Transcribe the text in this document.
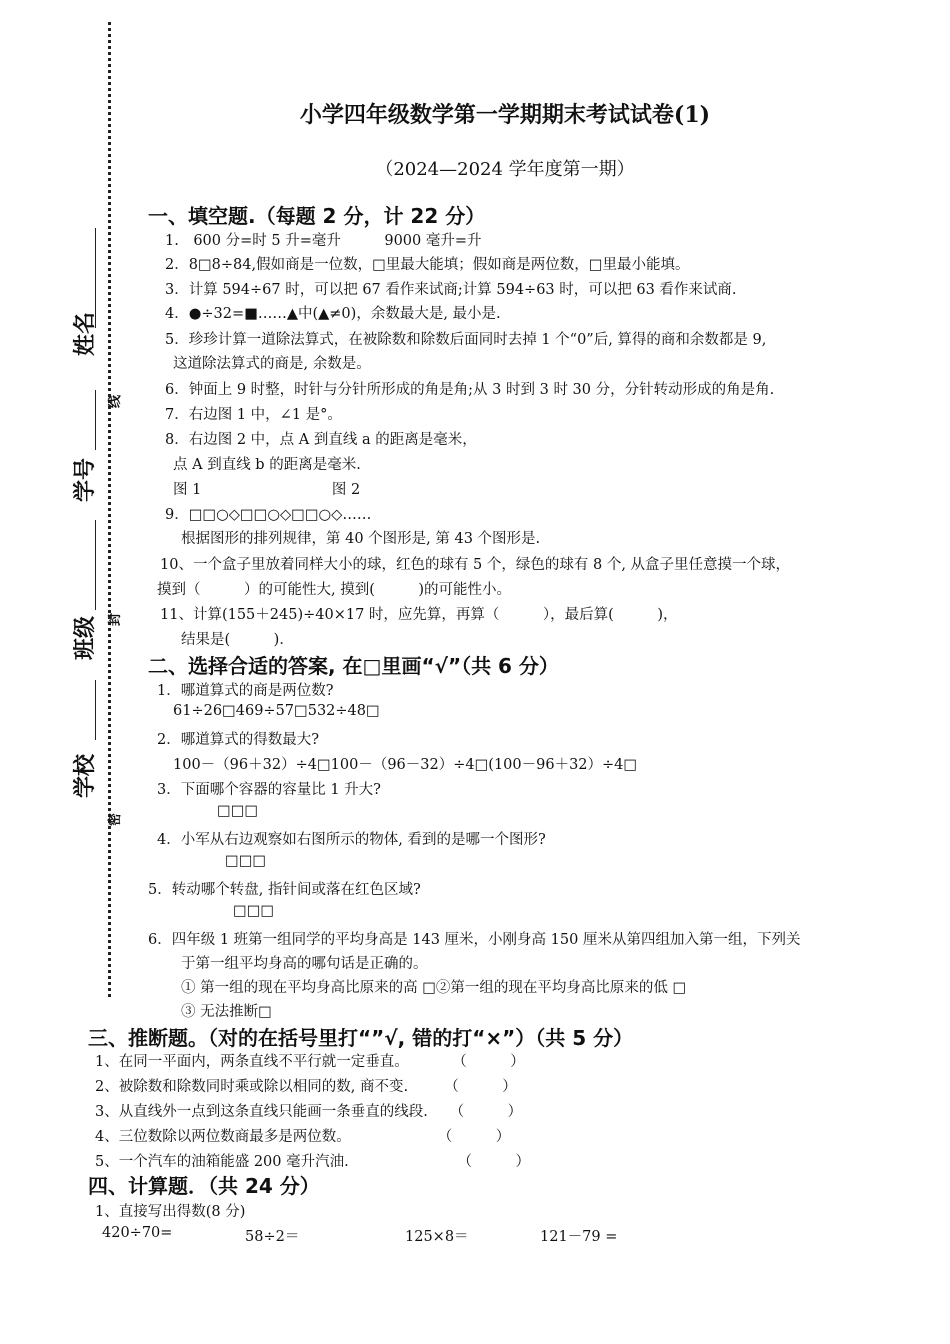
姓名
学号
班级
学校
线
封
密
小学四年级数学第一学期期末考试试卷(1)
（2024—2024 学年度第一期）
一、填空题.（每题 2 分，计 22 分）
1.　600 分=时 5 升=毫升　　　9000 毫升=升
2．8□8÷84,假如商是一位数，□里最大能填；假如商是两位数，□里最小能填。
3．计算 594÷67 时，可以把 67 看作来试商;计算 594÷63 时，可以把 63 看作来试商.
4．●÷32=■……▲中(▲≠0)，余数最大是, 最小是.
5．珍珍计算一道除法算式，在被除数和除数后面同时去掉 1 个“0”后, 算得的商和余数都是 9,
这道除法算式的商是, 余数是。
6．钟面上 9 时整，时针与分针所形成的角是角;从 3 时到 3 时 30 分，分针转动形成的角是角.
7．右边图 1 中，∠1 是°。
8．右边图 2 中，点 A 到直线 a 的距离是毫米，
点 A 到直线 b 的距离是毫米.
图 1　　　　　　　　　图 2
9．□□○◇□□○◇□□○◇……
根据图形的排列规律，第 40 个图形是, 第 43 个图形是.
10、一个盒子里放着同样大小的球，红色的球有 5 个，绿色的球有 8 个, 从盒子里任意摸一个球，
摸到（　　　）的可能性大, 摸到(　　　)的可能性小。
11、计算(155＋245)÷40×17 时，应先算，再算（　　　），最后算(　　　)，
结果是(　　　)．
二、选择合适的答案, 在□里画“√”（共 6 分）
1．哪道算式的商是两位数?
61÷26□469÷57□532÷48□
2．哪道算式的得数最大?
100－（96＋32）÷4□100－（96－32）÷4□(100－96＋32）÷4□
3．下面哪个容器的容量比 1 升大?
□□□
4．小军从右边观察如右图所示的物体, 看到的是哪一个图形?
□□□
5．转动哪个转盘, 指针间或落在红色区域?
□□□
6．四年级 1 班第一组同学的平均身高是 143 厘米，小刚身高 150 厘米从第四组加入第一组，下列关
于第一组平均身高的哪句话是正确的。
① 第一组的现在平均身高比原来的高 □②第一组的现在平均身高比原来的低 □
③ 无法推断□
三、推断题。（对的在括号里打“”√, 错的打“×”）（共 5 分）
1、在同一平面内，两条直线不平行就一定垂直。　　　　（　　　）
2、被除数和除数同时乘或除以相同的数, 商不变.　　　（　　　）
3、从直线外一点到这条直线只能画一条垂直的线段.　　（　　　）
4、三位数除以两位数商最多是两位数。　　　　　　　（　　　）
5、一个汽车的油箱能盛 200 毫升汽油.　　　　　　　　（　　　）
四、计算题．（共 24 分）
1、直接写出得数(8 分)
420÷70=	58÷2＝	125×8＝	121－79 =
